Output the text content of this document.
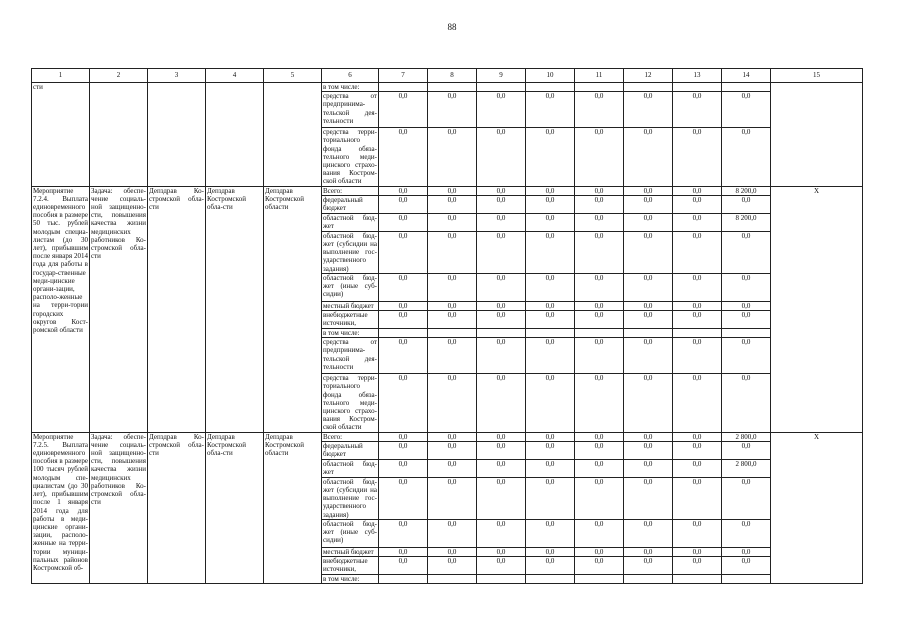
88
1	2	3	4	5	6	7	8	9	10	11	12	13	14	15
сти					в том числе:									
					средства от предпринима-тельской дея-тельности	0,0	0,0	0,0	0,0	0,0	0,0	0,0	0,0	
					средства терри-ториального фонда обяза-тельного меди-цинского страхо-вания Костром-ской области	0,0	0,0	0,0	0,0	0,0	0,0	0,0	0,0	
Мероприятие 7.2.4. Выплата единовременного пособия в размере 50 тыс. рублей молодым специа-листам (до 30 лет), прибывшим после января 2014 года для работы в государ-ственные меди-цинские органи-зации, располо-женные на терри-тории городских округов Кост-ромской области	Задача: обеспе-чение социаль-ной защищенно-сти, повышения качества жизни медицинских работников Ко-стромской обла-сти	Депздрав Ко-стромской обла-сти	Депздрав Костромской обла-сти	Депздрав Костромской области	Всего:	0,0	0,0	0,0	0,0	0,0	0,0	0,0	8 200,0	Х
					федеральный бюджет	0,0	0,0	0,0	0,0	0,0	0,0	0,0	0,0	
					областной бюд-жет	0,0	0,0	0,0	0,0	0,0	0,0	0,0	8 200,0	
					областной бюд-жет (субсидии на выполнение гос-ударственного задания)	0,0	0,0	0,0	0,0	0,0	0,0	0,0	0,0	
					областной бюд-жет (иные суб-сидии)	0,0	0,0	0,0	0,0	0,0	0,0	0,0	0,0	
					местный бюджет	0,0	0,0	0,0	0,0	0,0	0,0	0,0	0,0	
					внебюджетные источники,	0,0	0,0	0,0	0,0	0,0	0,0	0,0	0,0	
					в том числе:									
					средства от предпринима-тельской дея-тельности	0,0	0,0	0,0	0,0	0,0	0,0	0,0	0,0	
					средства терри-ториального фонда обяза-тельного меди-цинского страхо-вания Костром-ской области	0,0	0,0	0,0	0,0	0,0	0,0	0,0	0,0	
Мероприятие 7.2.5. Выплата единовременного пособия в размере 100 тысяч рублей молодым спе-циалистам (до 30 лет), прибывшим после 1 января 2014 года для работы в меди-цинские органи-зации, располо-женные на терри-тории муници-пальных районов Костромской об-	Задача: обеспе-чение социаль-ной защищенно-сти, повышения качества жизни медицинских работников Ко-стромской обла-сти	Депздрав Ко-стромской обла-сти	Депздрав Костромской обла-сти	Депздрав Костромской области	Всего:	0,0	0,0	0,0	0,0	0,0	0,0	0,0	2 800,0	Х
					федеральный бюджет	0,0	0,0	0,0	0,0	0,0	0,0	0,0	0,0	
					областной бюд-жет	0,0	0,0	0,0	0,0	0,0	0,0	0,0	2 800,0	
					областной бюд-жет (субсидии на выполнение гос-ударственного задания)	0,0	0,0	0,0	0,0	0,0	0,0	0,0	0,0	
					областной бюд-жет (иные суб-сидии)	0,0	0,0	0,0	0,0	0,0	0,0	0,0	0,0	
					местный бюджет	0,0	0,0	0,0	0,0	0,0	0,0	0,0	0,0	
					внебюджетные источники,	0,0	0,0	0,0	0,0	0,0	0,0	0,0	0,0	
					в том числе:									
